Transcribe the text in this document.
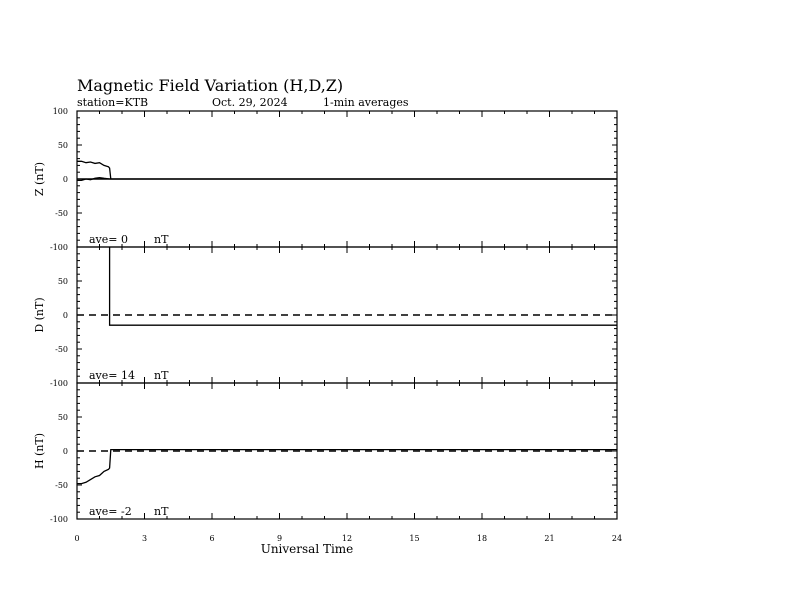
Magnetic Field Variation (H,D,Z)
station=KTB	Oct. 29, 2024	1-min averages
100
50
0
-50
-100
Z (nT)
ave= 0 nT
50
0
-50
-100
D (nT)
ave= 14 nT
50
0
-50
-100
H (nT)
ave= -2 nT
0	3	6	9	12	15	18	21	24
Universal Time
